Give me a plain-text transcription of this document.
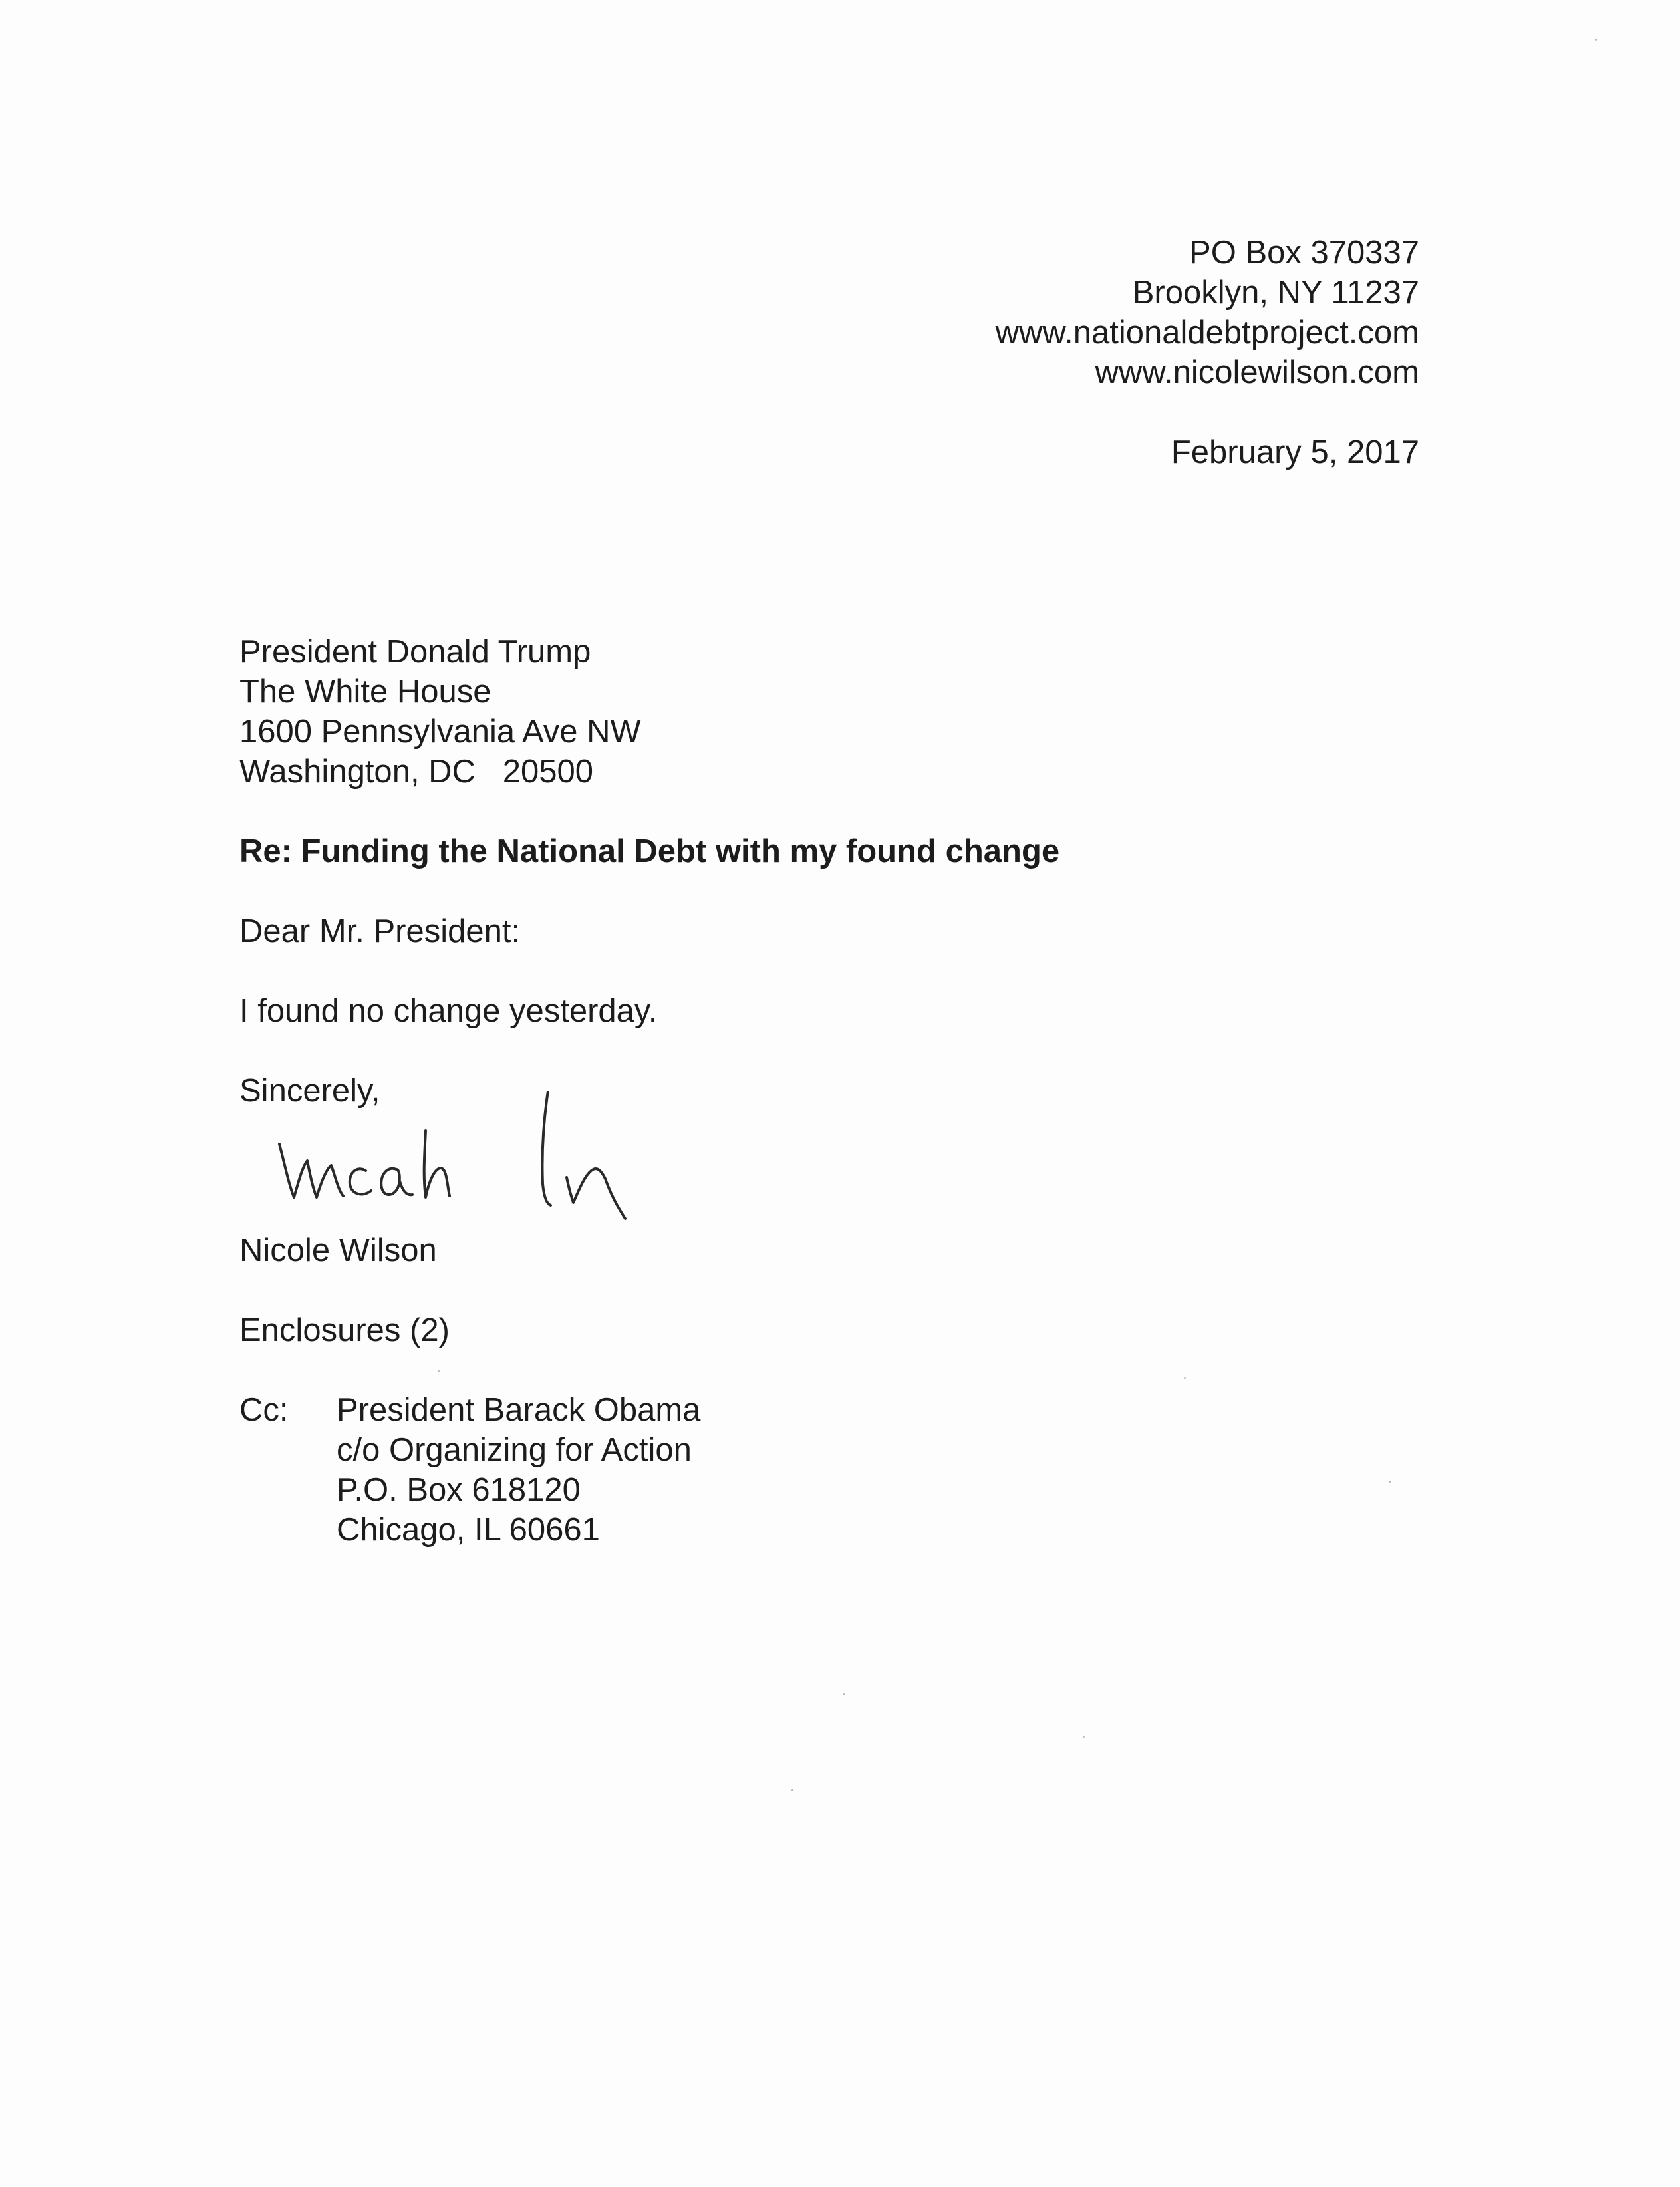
PO Box 370337
Brooklyn, NY 11237
www.nationaldebtproject.com
www.nicolewilson.com
February 5, 2017
President Donald Trump
The White House
1600 Pennsylvania Ave NW
Washington, DC   20500
Re: Funding the National Debt with my found change
Dear Mr. President:
I found no change yesterday.
Sincerely,
Nicole Wilson
Enclosures (2)
Cc: President Barack Obama
c/o Organizing for Action
P.O. Box 618120
Chicago, IL 60661
